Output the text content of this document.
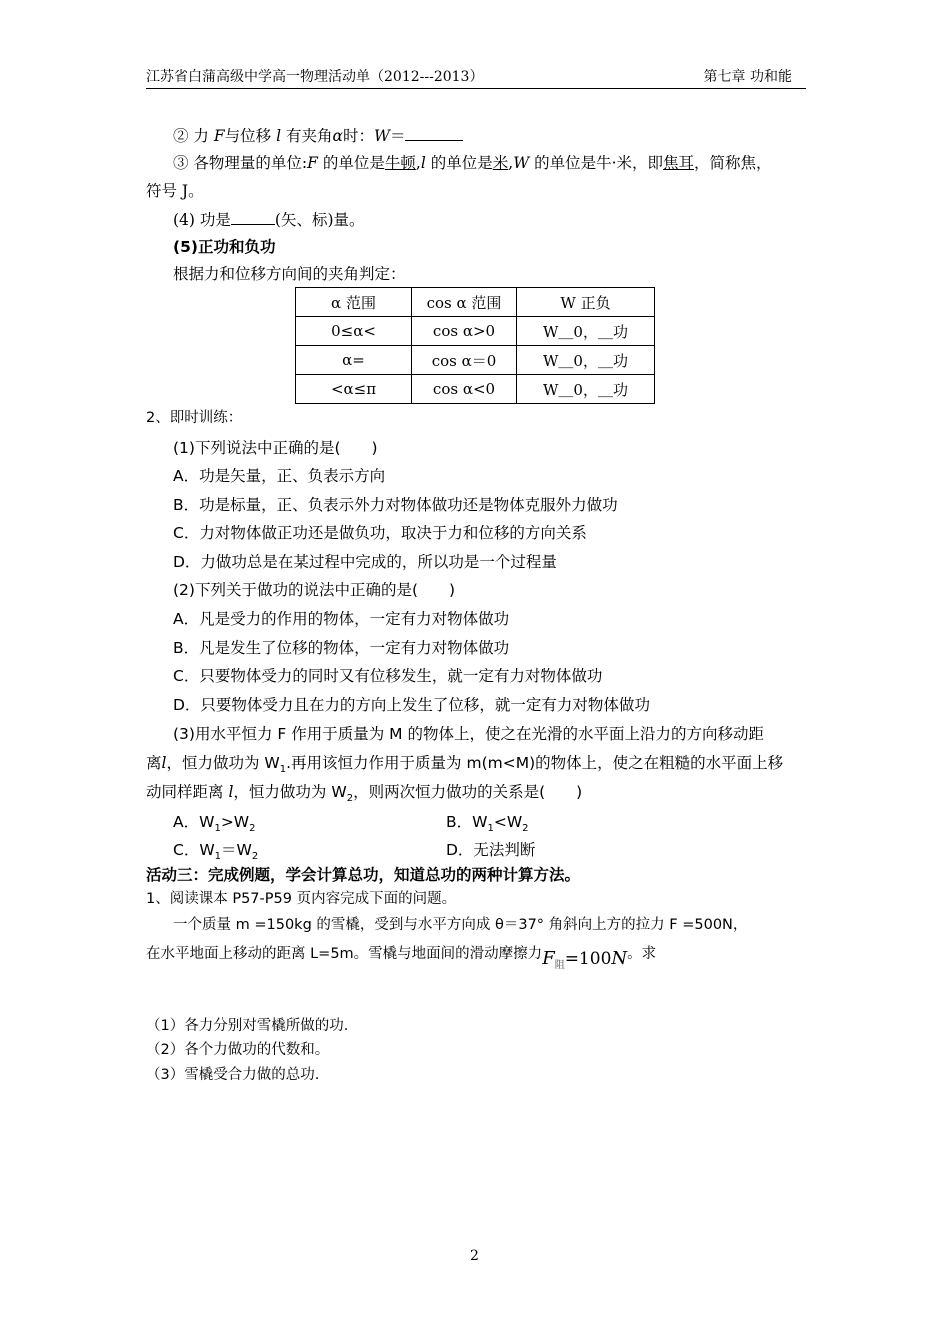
江苏省白蒲高级中学高一物理活动单（2012---2013）	第七章 功和能
② 力 F与位移 l 有夹角α时：W＝
③ 各物理量的单位:F 的单位是牛顿,l 的单位是米,W 的单位是牛·米，即焦耳，简称焦，
符号 J。
(4) 功是	(矢、标)量。
(5)正功和负功
根据力和位移方向间的夹角判定：
α 范围	cos α 范围	W 正负
0≤α<	cos α>0	W＿0，＿功
α=	cos α＝0	W＿0，＿功
<α≤π	cos α<0	W＿0，＿功
2、即时训练：
(1)下列说法中正确的是(　　)
A．功是矢量，正、负表示方向
B．功是标量，正、负表示外力对物体做功还是物体克服外力做功
C．力对物体做正功还是做负功，取决于力和位移的方向关系
D．力做功总是在某过程中完成的，所以功是一个过程量
(2)下列关于做功的说法中正确的是(　　)
A．凡是受力的作用的物体，一定有力对物体做功
B．凡是发生了位移的物体，一定有力对物体做功
C．只要物体受力的同时又有位移发生，就一定有力对物体做功
D．只要物体受力且在力的方向上发生了位移，就一定有力对物体做功
(3)用水平恒力 F 作用于质量为 M 的物体上，使之在光滑的水平面上沿力的方向移动距
离l，恒力做功为 $W_1$.再用该恒力作用于质量为 m(m<M)的物体上，使之在粗糙的水平面上移
动同样距离 l，恒力做功为 $W_2$，则两次恒力做功的关系是(　　)
A．$W_1>W_2$	B．$W_1<W_2$
C．$W_1=W_2$	D．无法判断
活动三：完成例题，学会计算总功，知道总功的两种计算方法。
1、阅读课本 P57-P59 页内容完成下面的问题。
一个质量 m =150kg 的雪橇，受到与水平方向成 θ＝37° 角斜向上方的拉力 F =500N，
在水平地面上移动的距离 L=5m。雪橇与地面间的滑动摩擦力$F_阻=100N$。求
（1）各力分别对雪橇所做的功.
（2）各个力做功的代数和。
（3）雪橇受合力做的总功.
2
